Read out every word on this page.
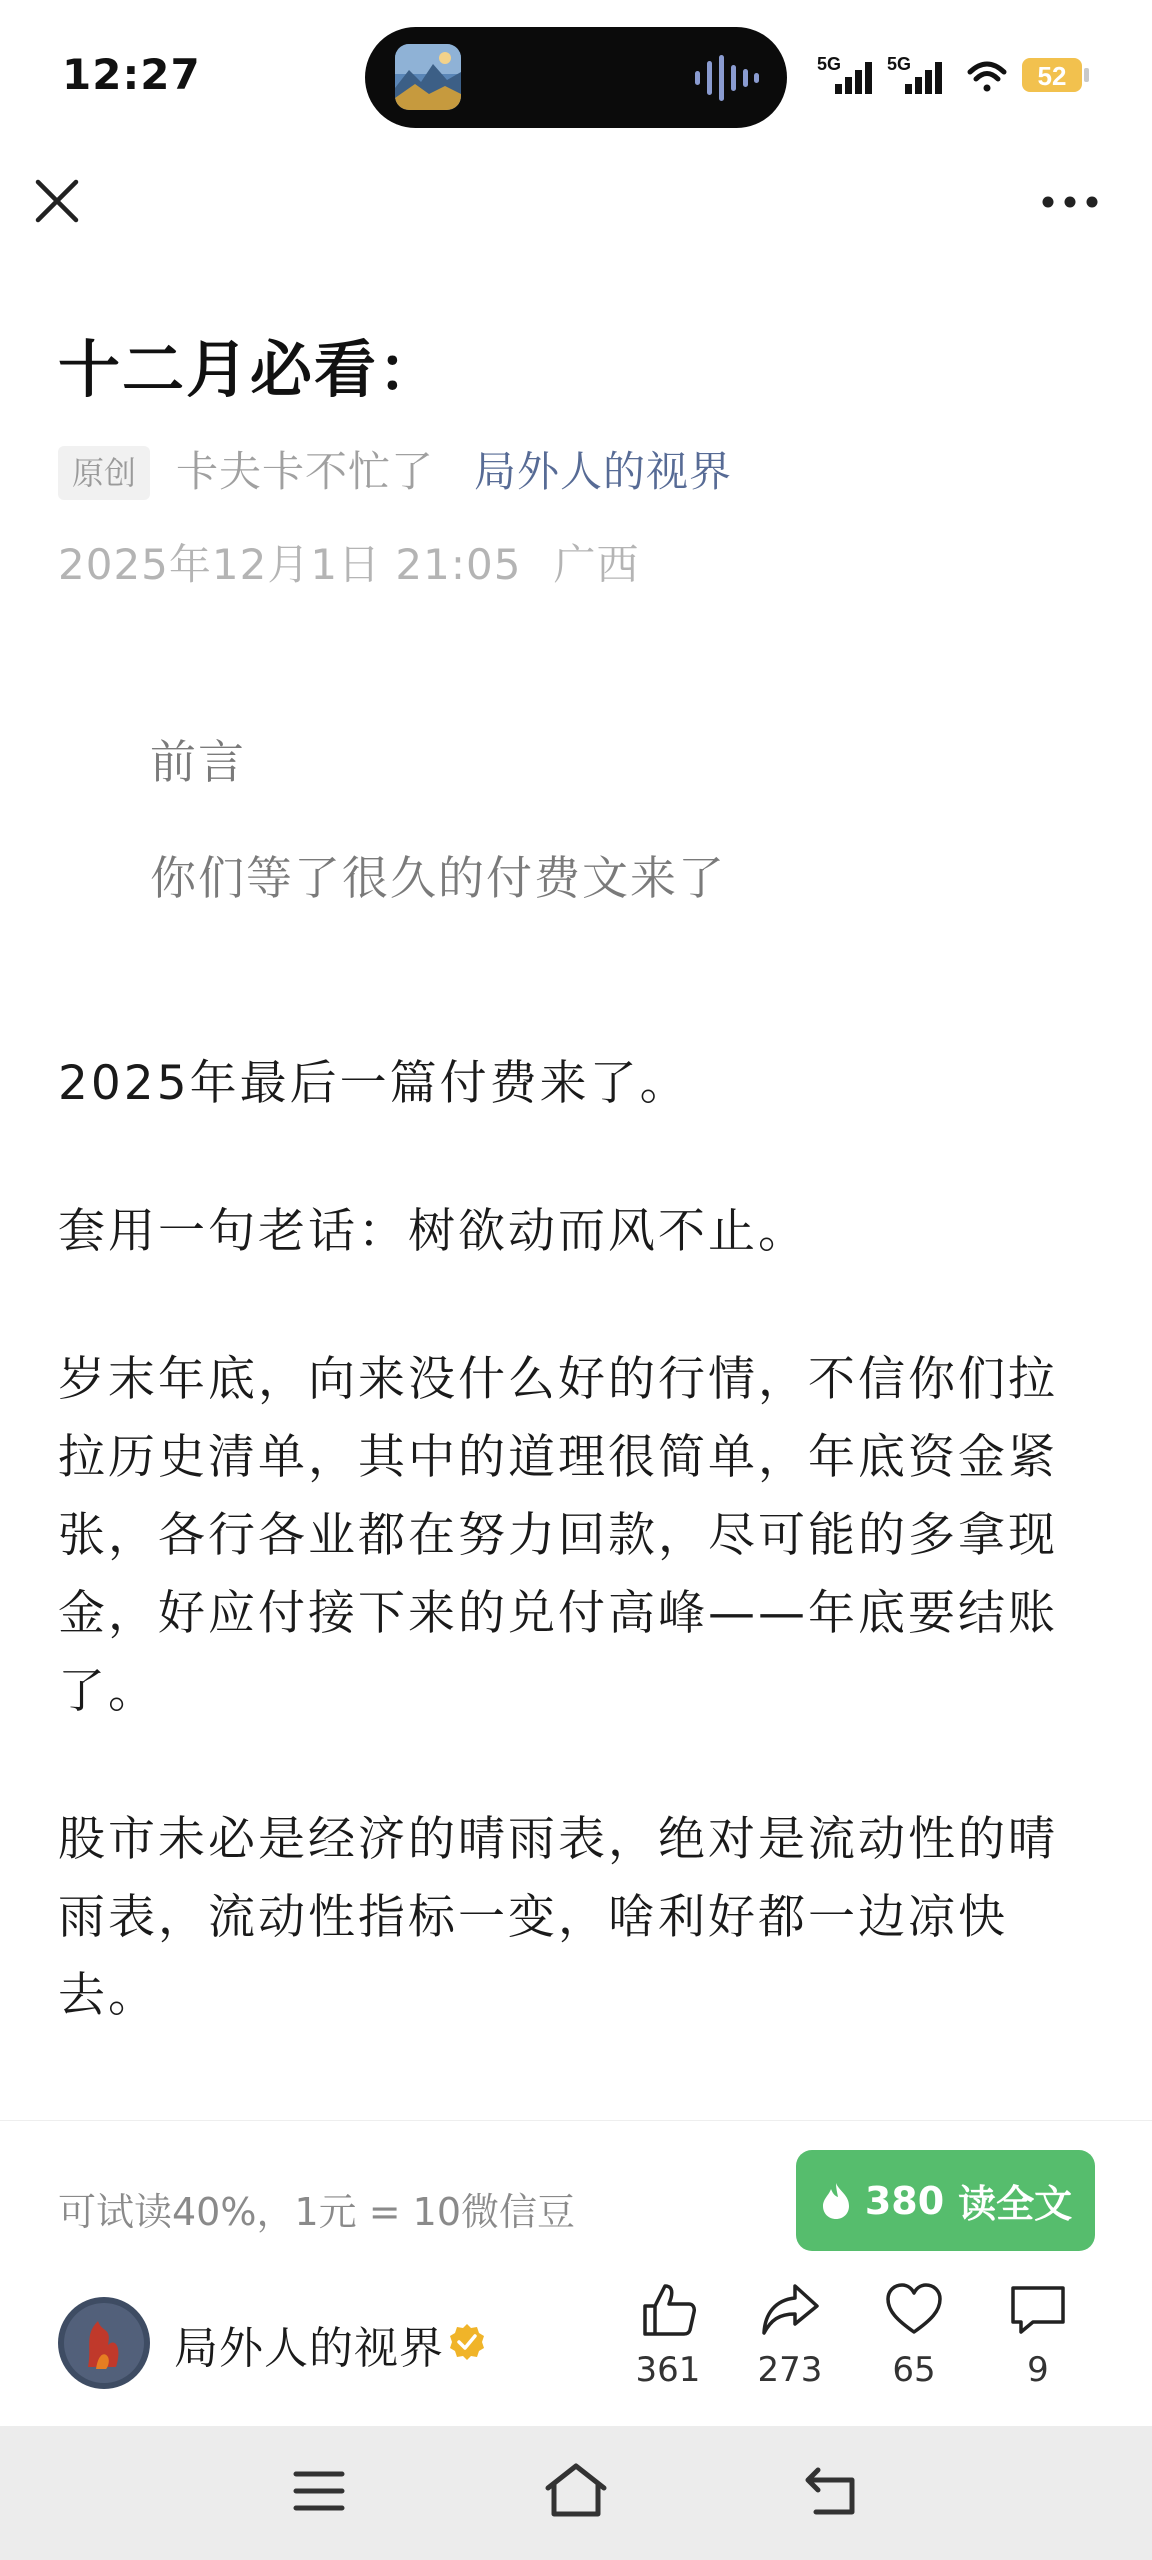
12:27	5G	5G	52
十二月必看：
原创 卡夫卡不忙了 局外人的视界
2025年12月1日 21:05 广西
前言
你们等了很久的付费文来了

2025年最后一篇付费来了。

套用一句老话：树欲动而风不止。

岁末年底，向来没什么好的行情，不信你们拉拉历史清单，其中的道理很简单，年底资金紧张，各行各业都在努力回款，尽可能的多拿现金，好应付接下来的兑付高峰——年底要结账了。

股市未必是经济的晴雨表，绝对是流动性的晴雨表，流动性指标一变，啥利好都一边凉快去。

可试读40%，1元 = 10微信豆	380 读全文
局外人的视界	361	273	65	9
